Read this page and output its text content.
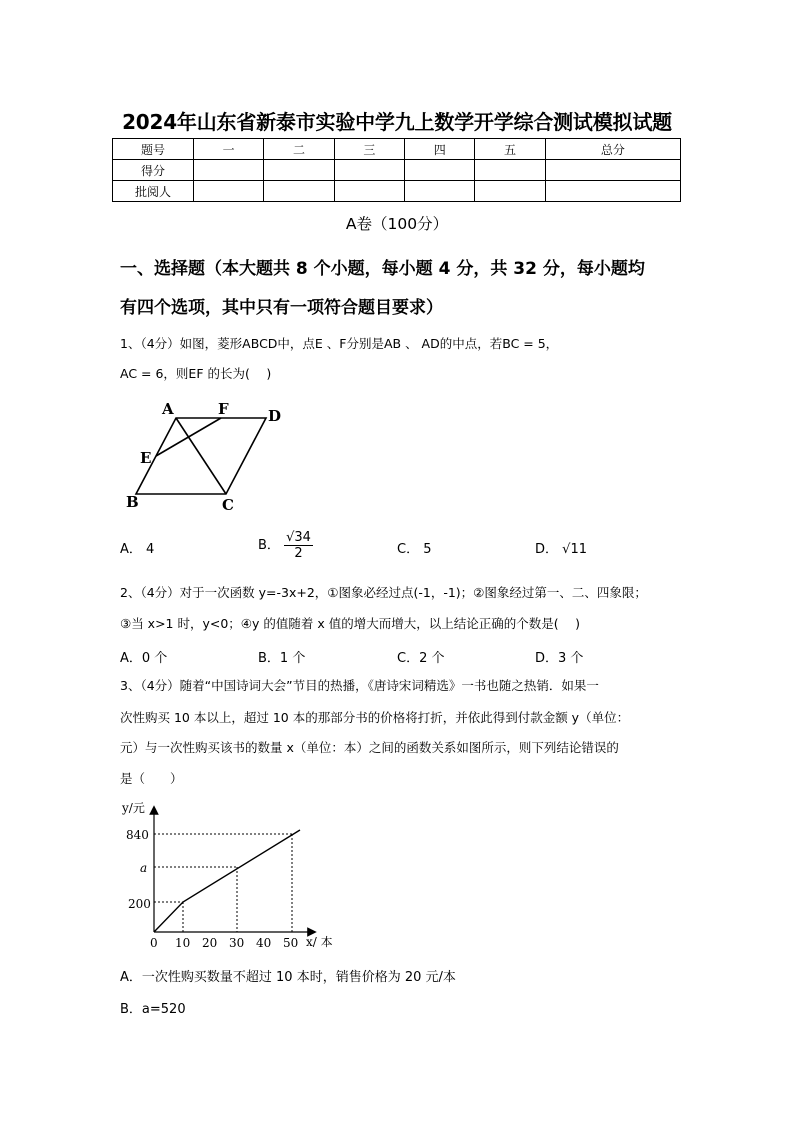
2024年山东省新泰市实验中学九上数学开学综合测试模拟试题
题号	一	二	三	四	五	总分
得分						
批阅人						
A卷（100分）
一、选择题（本大题共 8 个小题，每小题 4 分，共 32 分，每小题均
有四个选项，其中只有一项符合题目要求）
1、（4分）如图，菱形ABCD中，点E 、F分别是AB 、 AD的中点，若BC = 5，
AC = 6，则EF 的长为(　 )
A	F	D
E
B	C
A． 4	B． $\frac{√34}{2}$	C． 5	D． √11
2、（4分）对于一次函数 y=-3x+2，①图象必经过点(-1，-1)；②图象经过第一、二、四象限；
③当 x>1 时，y<0；④y 的值随着 x 值的增大而增大，以上结论正确的个数是(　 )
A．0 个	B．1 个	C．2 个	D．3 个
3、（4分）随着“中国诗词大会”节目的热播，《唐诗宋词精选》一书也随之热销．如果一
次性购买 10 本以上，超过 10 本的那部分书的价格将打折，并依此得到付款金额 y（单位：
元）与一次性购买该书的数量 x（单位：本）之间的函数关系如图所示，则下列结论错误的
是（　　）
y/元
x/ 本
840
a
200
0 10 20 30 40 50
A．一次性购买数量不超过 10 本时，销售价格为 20 元/本
B．a=520
